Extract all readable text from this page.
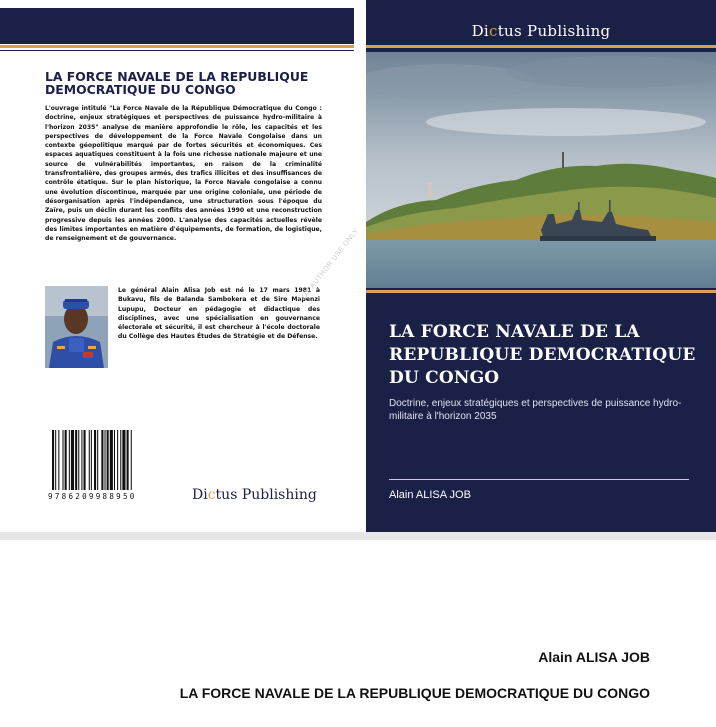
LA FORCE NAVALE DE LA REPUBLIQUE DEMOCRATIQUE DU CONGO
L'ouvrage intitulé "La Force Navale de la République Démocratique du Congo : doctrine, enjeux stratégiques et perspectives de puissance hydro-militaire à l'horizon 2035" analyse de manière approfondie le rôle, les capacités et les perspectives de développement de la Force Navale Congolaise dans un contexte géopolitique marqué par de fortes sécurités et économiques. Ces espaces aquatiques constituent à la fois une richesse nationale majeure et une source de vulnérabilités importantes, en raison de la criminalité transfrontalière, des groupes armés, des trafics illicites et des insuffisances de contrôle étatique. Sur le plan historique, la Force Navale congolaise a connu une évolution discontinue, marquée par une origine coloniale, une période de désorganisation après l'indépendance, une structuration sous l'époque du Zaïre, puis un déclin durant les conflits des années 1990 et une reconstruction progressive depuis les années 2000. L'analyse des capacités actuelles révèle des limites importantes en matière d'équipements, de formation, de logistique, de renseignement et de gouvernance.
Le général Alain Alisa Job est né le 17 mars 1981 à Bukavu, fils de Balanda Sambokera et de Sire Mapenzi Lupupu, Docteur en pédagogie et didactique des disciplines, avec une spécialisation en gouvernance électorale et sécurité, il est chercheur à l'école doctorale du Collège des Hautes Études de Stratégie et de Défense.
9786209988950	Dictus Publishing
FOR AUTHOR USE ONLY
Dictus Publishing
LA FORCE NAVALE DE LA REPUBLIQUE DEMOCRATIQUE DU CONGO
Doctrine, enjeux stratégiques et perspectives de puissance hydro-militaire à l'horizon 2035
Alain ALISA JOB
Alain ALISA JOB
LA FORCE NAVALE DE LA REPUBLIQUE DEMOCRATIQUE DU CONGO
